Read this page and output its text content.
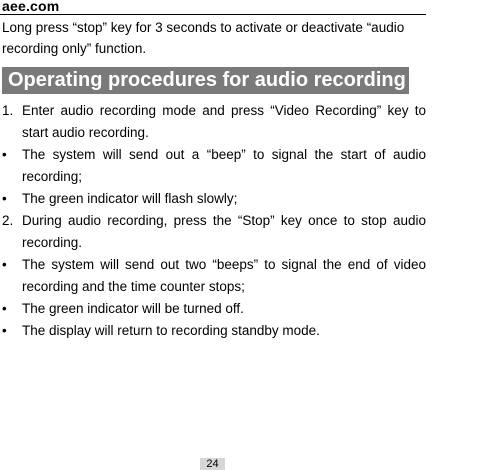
aee.com
Long press “stop” key for 3 seconds to activate or deactivate “audio recording only” function.
Operating procedures for audio recording
1. Enter audio recording mode and press “Video Recording” key to start audio recording.
• The system will send out a “beep” to signal the start of audio recording;
• The green indicator will flash slowly;
2. During audio recording, press the “Stop” key once to stop audio recording.
• The system will send out two “beeps” to signal the end of video recording and the time counter stops;
• The green indicator will be turned off.
• The display will return to recording standby mode.
24
